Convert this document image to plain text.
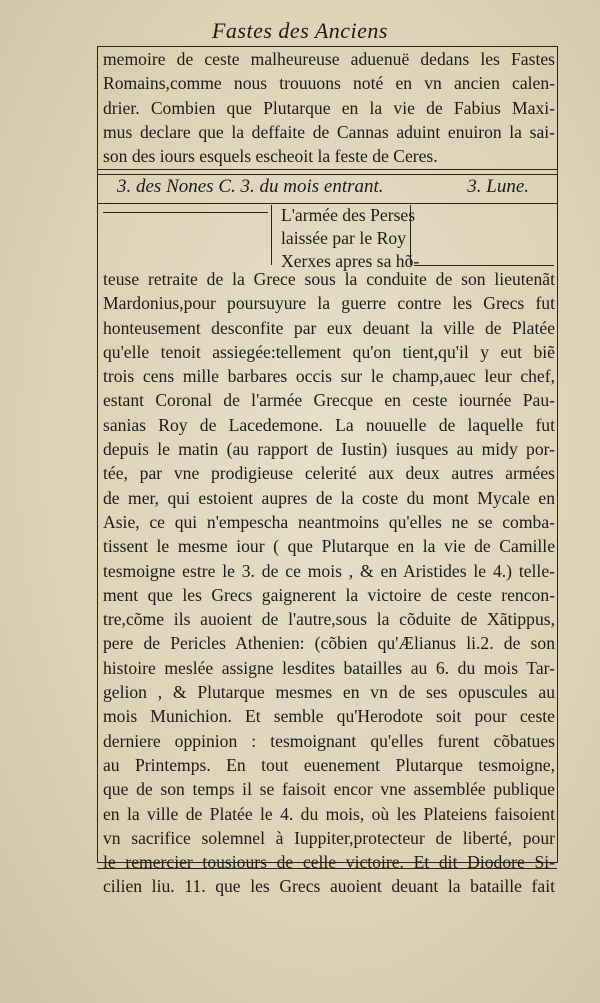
Fastes des Anciens
memoire de ceste malheureuse aduenuë dedans les Fastes
Romains,comme nous trouuons noté en vn ancien calen-
drier. Combien que Plutarque en la vie de Fabius Maxi-
mus declare que la deffaite de Cannas aduint enuiron la sai-
son des iours esquels escheoit la feste de Ceres.
3. des Nones C. 3. du mois entrant.	3. Lune.
L'armée des Perses
laissée par le Roy
Xerxes apres sa hõ-
teuse retraite de la Grece sous la conduite de son lieutenãt
Mardonius,pour poursuyure la guerre contre les Grecs fut
honteusement desconfite par eux deuant la ville de Platée
qu'elle tenoit assiegée:tellement qu'on tient,qu'il y eut biẽ
trois cens mille barbares occis sur le champ,auec leur chef,
estant Coronal de l'armée Grecque en ceste iournée Pau-
sanias Roy de Lacedemone. La nouuelle de laquelle fut
depuis le matin (au rapport de Iustin) iusques au midy por-
tée, par vne prodigieuse celerité aux deux autres armées
de mer, qui estoient aupres de la coste du mont Mycale en
Asie, ce qui n'empescha neantmoins qu'elles ne se comba-
tissent le mesme iour ( que Plutarque en la vie de Camille
tesmoigne estre le 3. de ce mois , & en Aristides le 4.) telle-
ment que les Grecs gaignerent la victoire de ceste rencon-
tre,cõme ils auoient de l'autre,sous la cõduite de Xãtippus,
pere de Pericles Athenien: (cõbien qu'Ælianus li.2. de son
histoire meslée assigne lesdites batailles au 6. du mois Tar-
gelion , & Plutarque mesmes en vn de ses opuscules au
mois Munichion. Et semble qu'Herodote soit pour ceste
derniere oppinion : tesmoignant qu'elles furent cõbatues
au Printemps. En tout euenement Plutarque tesmoigne,
que de son temps il se faisoit encor vne assemblée publique
en la ville de Platée le 4. du mois, où les Plateiens faisoient
vn sacrifice solemnel à Iuppiter,protecteur de liberté, pour
le remercier tousiours de celle victoire. Et dit Diodore Si-
cilien liu. 11. que les Grecs auoient deuant la bataille fait
